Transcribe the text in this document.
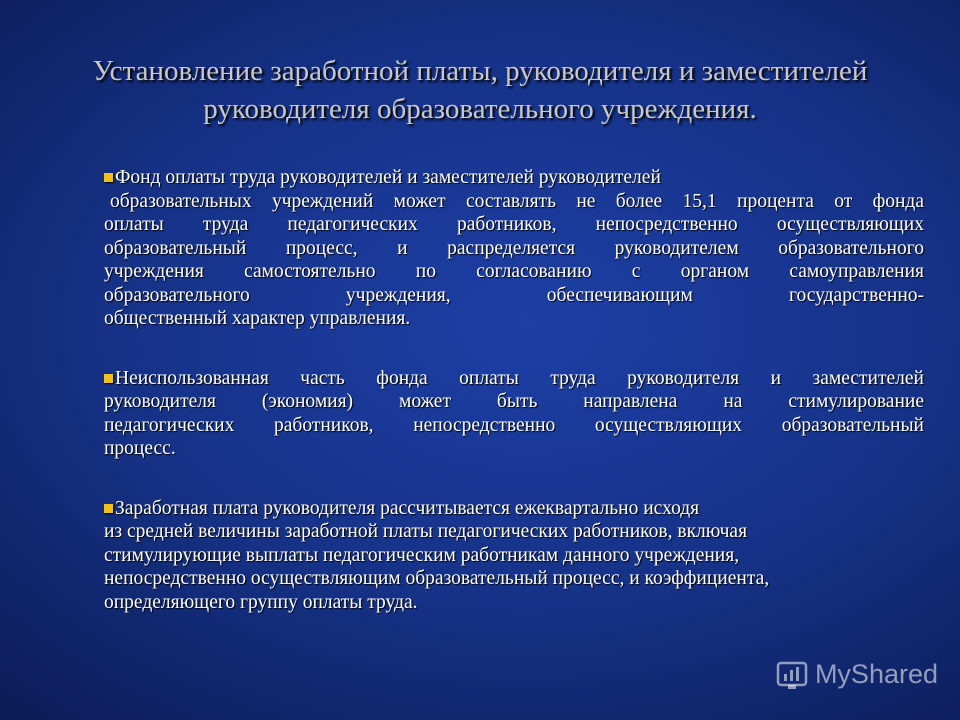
Установление заработной платы, руководителя и заместителей
руководителя образовательного учреждения.
Фонд оплаты труда руководителей и заместителей руководителей
образовательных учреждений может составлять не более 15,1 процента от фонда
оплаты труда педагогических работников, непосредственно осуществляющих
образовательный процесс, и распределяется руководителем образовательного
учреждения самостоятельно по согласованию с органом самоуправления
образовательного учреждения, обеспечивающим государственно-
общественный характер управления.
Неиспользованная часть фонда оплаты труда руководителя и заместителей
руководителя (экономия) может быть направлена на стимулирование
педагогических работников, непосредственно осуществляющих образовательный
процесс.
Заработная плата руководителя рассчитывается ежеквартально исходя
из средней величины заработной платы педагогических работников, включая
стимулирующие выплаты педагогическим работникам данного учреждения,
непосредственно осуществляющим образовательный процесс, и коэффициента,
определяющего группу оплаты труда.
MyShared
